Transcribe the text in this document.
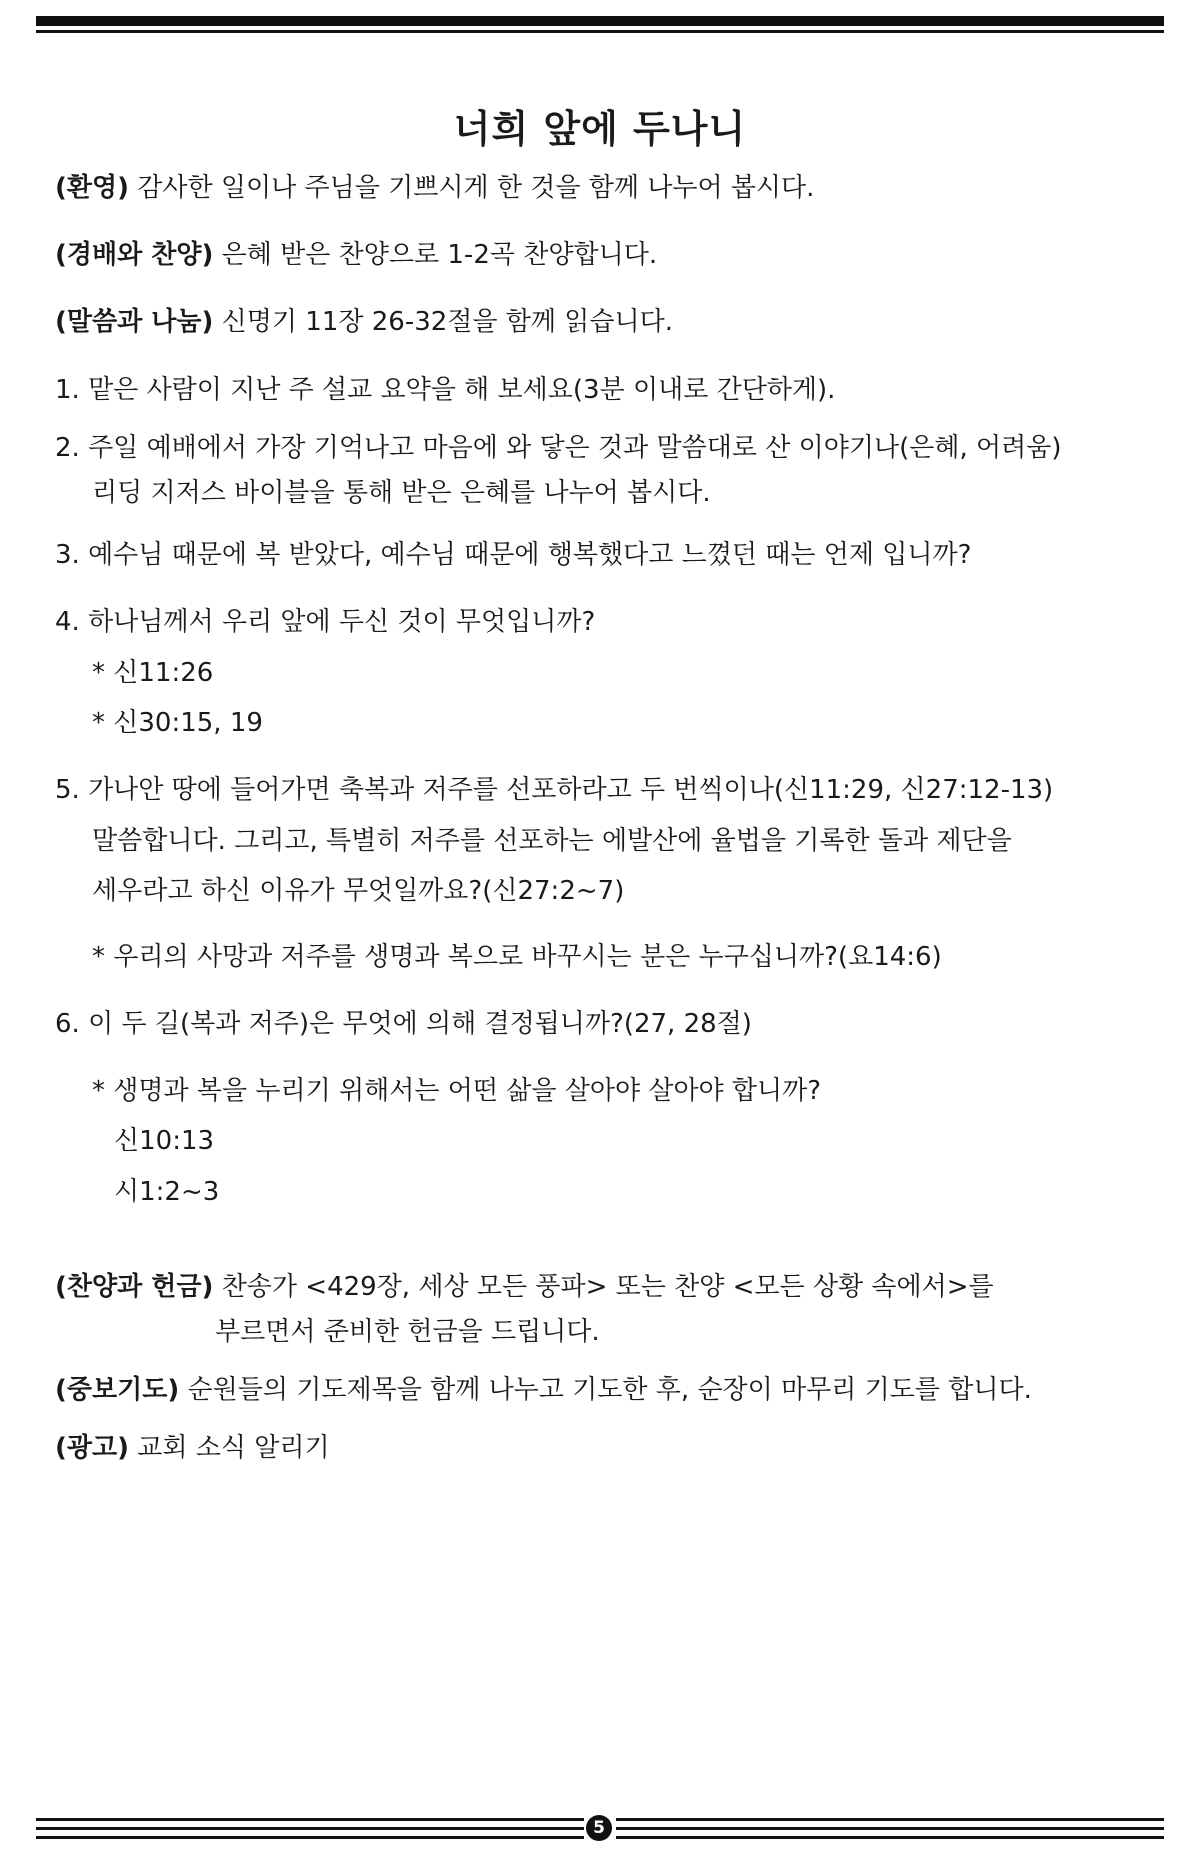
너희 앞에 두나니
(환영) 감사한 일이나 주님을 기쁘시게 한 것을 함께 나누어 봅시다.
(경배와 찬양) 은혜 받은 찬양으로 1-2곡 찬양합니다.
(말씀과 나눔) 신명기 11장 26-32절을 함께 읽습니다.
1. 맡은 사람이 지난 주 설교 요약을 해 보세요(3분 이내로 간단하게).
2. 주일 예배에서 가장 기억나고 마음에 와 닿은 것과 말씀대로 산 이야기나(은혜, 어려움)
리딩 지저스 바이블을 통해 받은 은혜를 나누어 봅시다.
3. 예수님 때문에 복 받았다, 예수님 때문에 행복했다고 느꼈던 때는 언제 입니까?
4. 하나님께서 우리 앞에 두신 것이 무엇입니까?
* 신11:26
* 신30:15, 19
5. 가나안 땅에 들어가면 축복과 저주를 선포하라고 두 번씩이나(신11:29, 신27:12-13)
말씀합니다. 그리고, 특별히 저주를 선포하는 에발산에 율법을 기록한 돌과 제단을
세우라고 하신 이유가 무엇일까요?(신27:2~7)
* 우리의 사망과 저주를 생명과 복으로 바꾸시는 분은 누구십니까?(요14:6)
6. 이 두 길(복과 저주)은 무엇에 의해 결정됩니까?(27, 28절)
* 생명과 복을 누리기 위해서는 어떤 삶을 살아야 살아야 합니까?
신10:13
시1:2~3
(찬양과 헌금) 찬송가 <429장, 세상 모든 풍파> 또는 찬양 <모든 상황 속에서>를
부르면서 준비한 헌금을 드립니다.
(중보기도) 순원들의 기도제목을 함께 나누고 기도한 후, 순장이 마무리 기도를 합니다.
(광고) 교회 소식 알리기
5
